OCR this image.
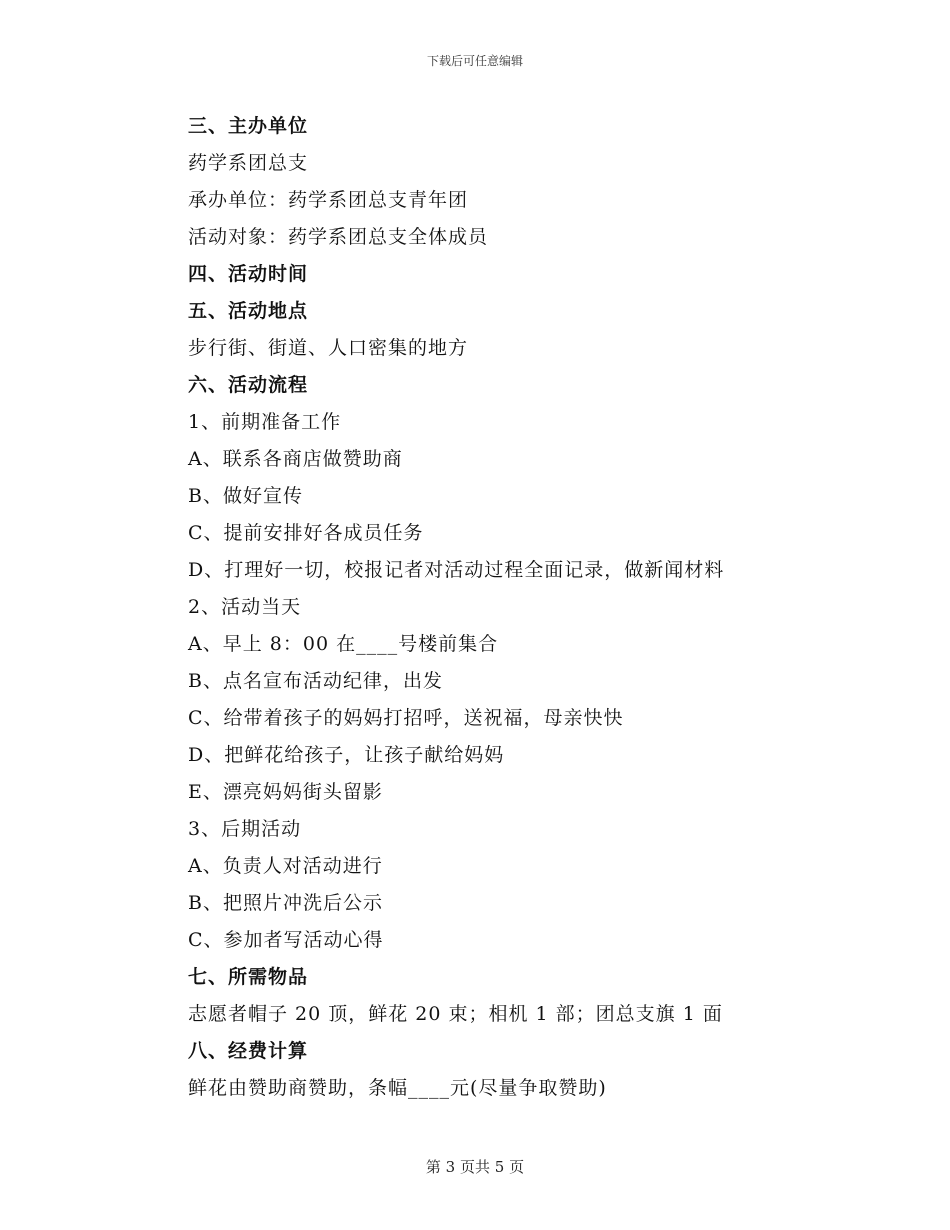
下载后可任意编辑
三、主办单位
药学系团总支
承办单位：药学系团总支青年团
活动对象：药学系团总支全体成员
四、活动时间
五、活动地点
步行街、街道、人口密集的地方
六、活动流程
1、前期准备工作
A、联系各商店做赞助商
B、做好宣传
C、提前安排好各成员任务
D、打理好一切，校报记者对活动过程全面记录，做新闻材料
2、活动当天
A、早上 8：00 在____号楼前集合
B、点名宣布活动纪律，出发
C、给带着孩子的妈妈打招呼，送祝福，母亲快快
D、把鲜花给孩子，让孩子献给妈妈
E、漂亮妈妈街头留影
3、后期活动
A、负责人对活动进行
B、把照片冲洗后公示
C、参加者写活动心得
七、所需物品
志愿者帽子 20 顶，鲜花 20 束；相机 1 部；团总支旗 1 面
八、经费计算
鲜花由赞助商赞助，条幅____元(尽量争取赞助)
第 3 页共 5 页
